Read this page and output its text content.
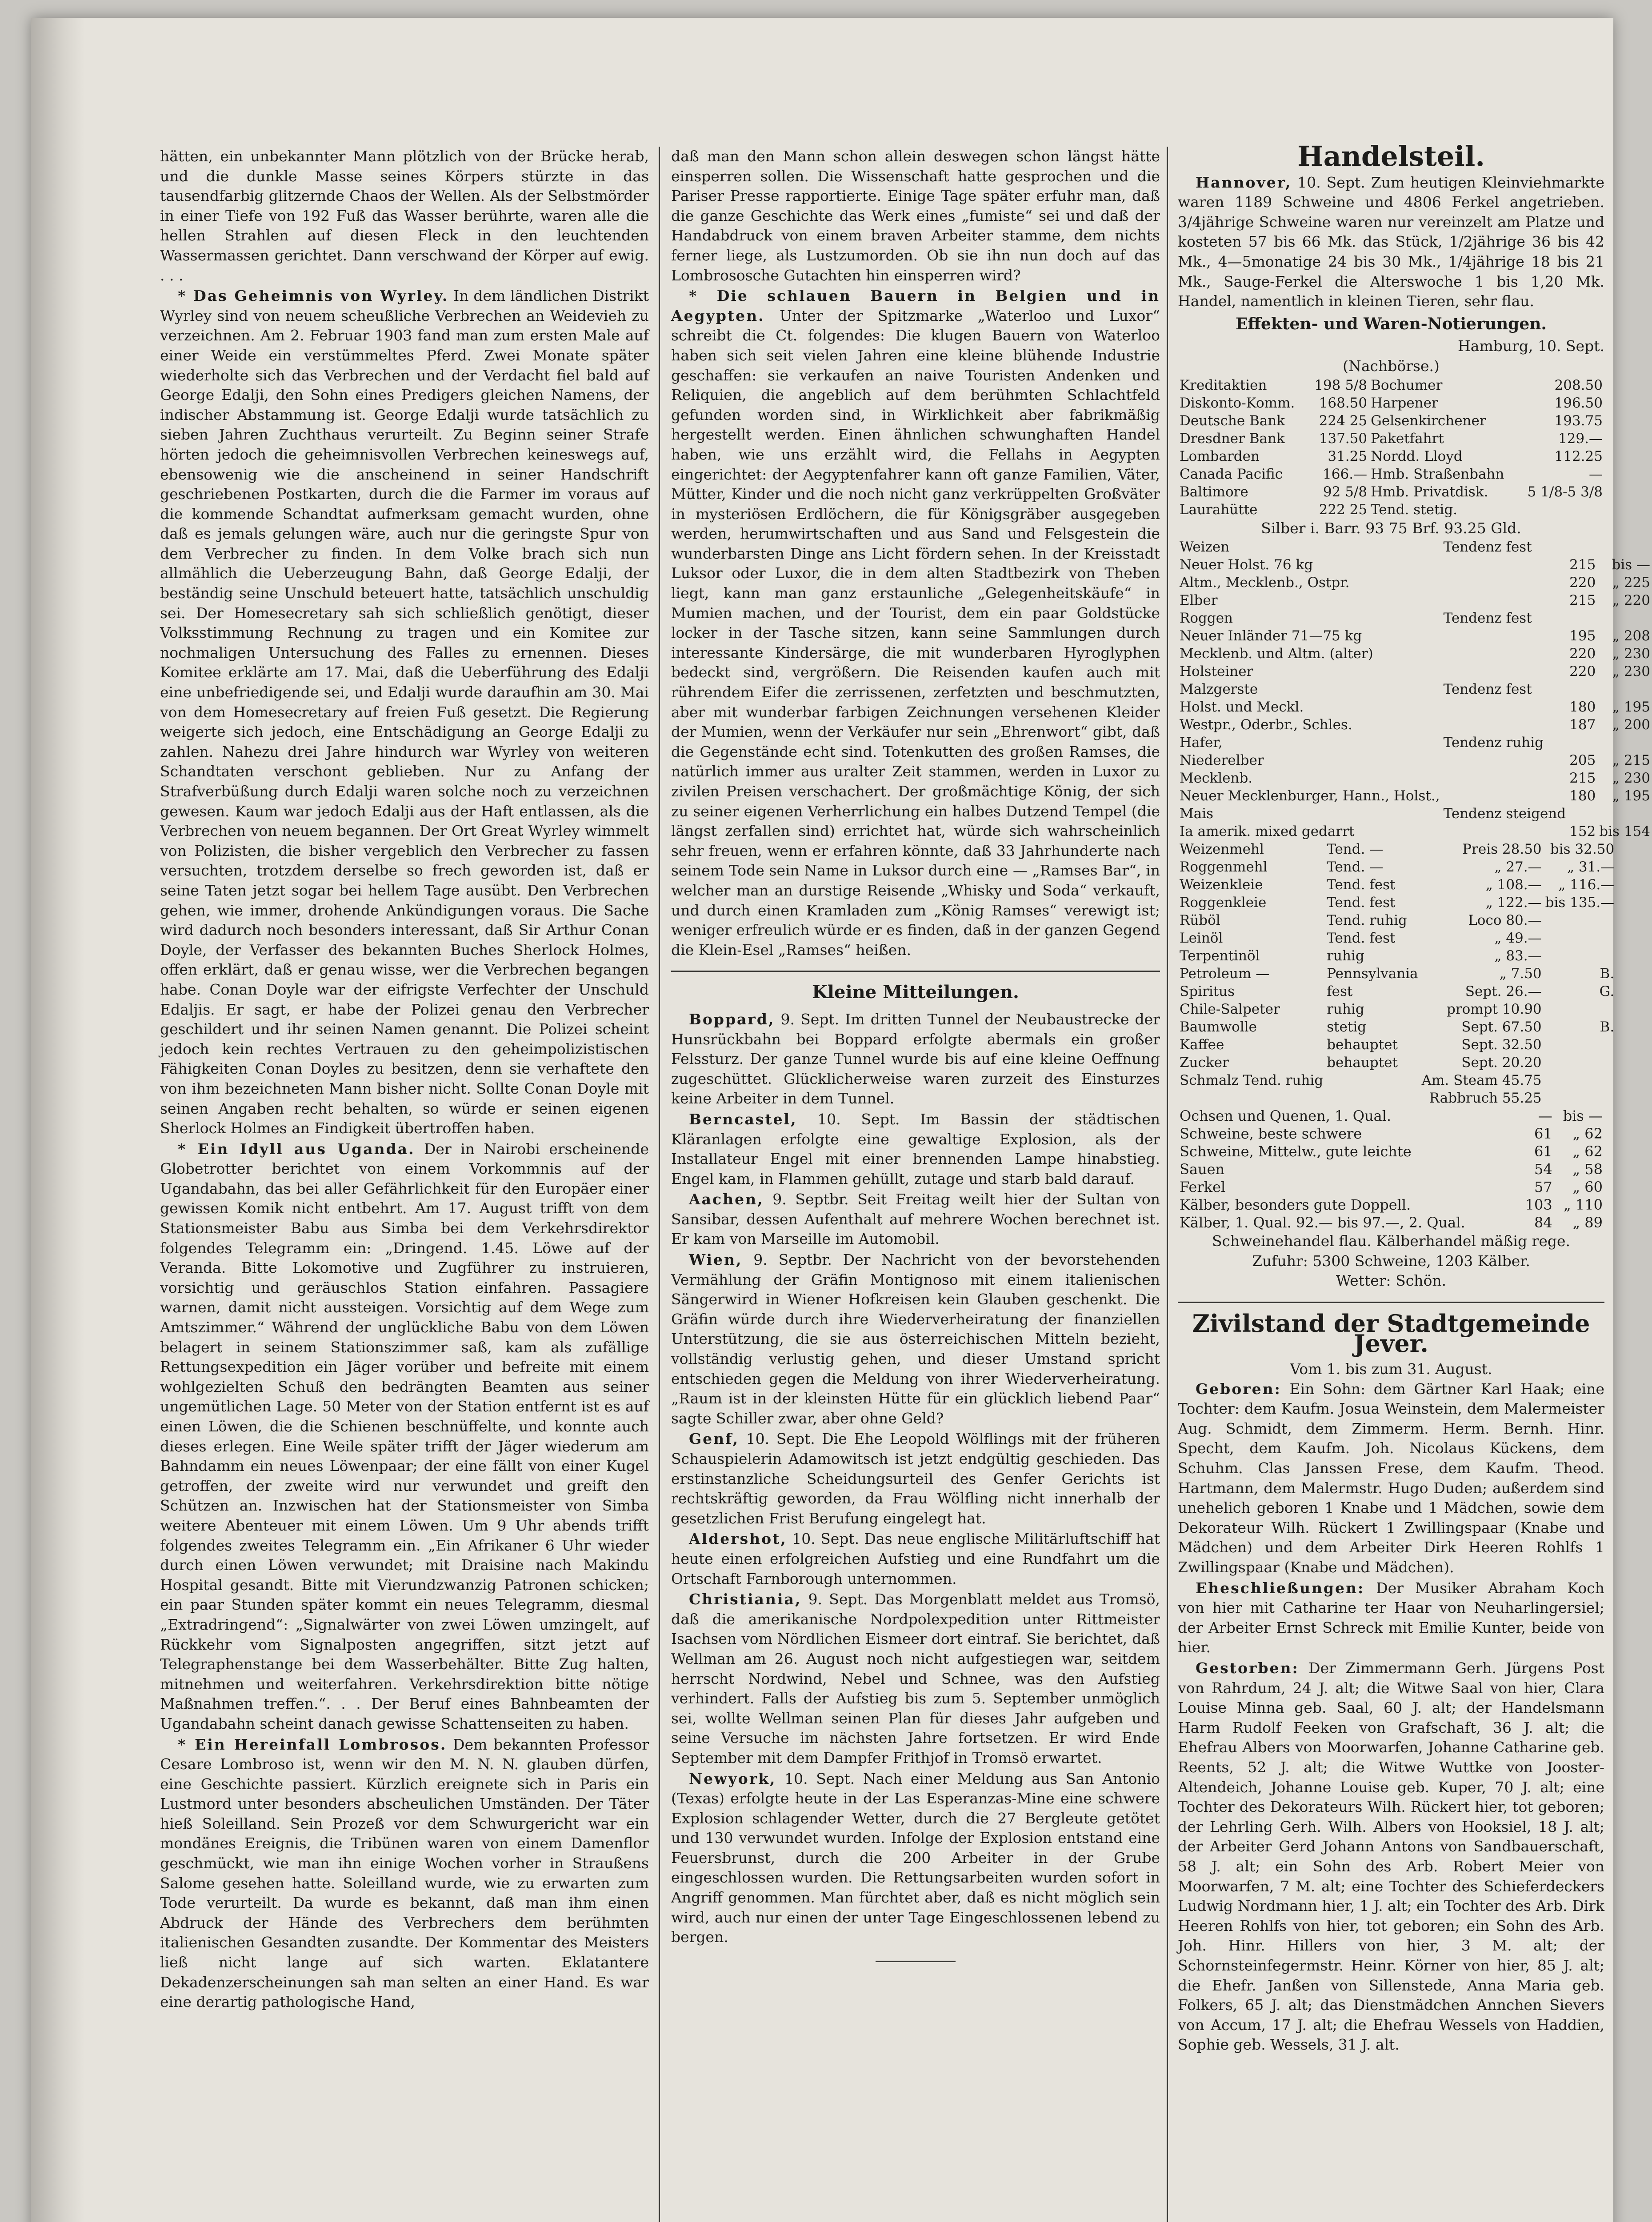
hätten, ein unbekannter Mann plötzlich von der Brücke herab, und die dunkle Masse seines Körpers stürzte in das tausendfarbig glitzernde Chaos der Wellen. Als der Selbstmörder in einer Tiefe von 192 Fuß das Wasser berührte, waren alle die hellen Strahlen auf diesen Fleck in den leuchtenden Wassermassen gerichtet. Dann verschwand der Körper auf ewig. . . .

* Das Geheimnis von Wyrley. In dem ländlichen Distrikt Wyrley sind von neuem scheußliche Verbrechen an Weidevieh zu verzeichnen. Am 2. Februar 1903 fand man zum ersten Male auf einer Weide ein verstümmeltes Pferd. Zwei Monate später wiederholte sich das Verbrechen und der Verdacht fiel bald auf George Edalji, den Sohn eines Predigers gleichen Namens, der indischer Abstammung ist. George Edalji wurde tatsächlich zu sieben Jahren Zuchthaus verurteilt. Zu Beginn seiner Strafe hörten jedoch die geheimnisvollen Verbrechen keineswegs auf, ebensowenig wie die anscheinend in seiner Handschrift geschriebenen Postkarten, durch die die Farmer im voraus auf die kommende Schandtat aufmerksam gemacht wurden, ohne daß es jemals gelungen wäre, auch nur die geringste Spur von dem Verbrecher zu finden. In dem Volke brach sich nun allmählich die Ueberzeugung Bahn, daß George Edalji, der beständig seine Unschuld beteuert hatte, tatsächlich unschuldig sei. Der Homesecretary sah sich schließlich genötigt, dieser Volksstimmung Rechnung zu tragen und ein Komitee zur nochmaligen Untersuchung des Falles zu ernennen. Dieses Komitee erklärte am 17. Mai, daß die Ueberführung des Edalji eine unbefriedigende sei, und Edalji wurde daraufhin am 30. Mai von dem Homesecretary auf freien Fuß gesetzt. Die Regierung weigerte sich jedoch, eine Entschädigung an George Edalji zu zahlen. Nahezu drei Jahre hindurch war Wyrley von weiteren Schandtaten verschont geblieben. Nur zu Anfang der Strafverbüßung durch Edalji waren solche noch zu verzeichnen gewesen. Kaum war jedoch Edalji aus der Haft entlassen, als die Verbrechen von neuem begannen. Der Ort Great Wyrley wimmelt von Polizisten, die bisher vergeblich den Verbrecher zu fassen versuchten, trotzdem derselbe so frech geworden ist, daß er seine Taten jetzt sogar bei hellem Tage ausübt. Den Verbrechen gehen, wie immer, drohende Ankündigungen voraus. Die Sache wird dadurch noch besonders interessant, daß Sir Arthur Conan Doyle, der Verfasser des bekannten Buches Sherlock Holmes, offen erklärt, daß er genau wisse, wer die Verbrechen begangen habe. Conan Doyle war der eifrigste Verfechter der Unschuld Edaljis. Er sagt, er habe der Polizei genau den Verbrecher geschildert und ihr seinen Namen genannt. Die Polizei scheint jedoch kein rechtes Vertrauen zu den geheimpolizistischen Fähigkeiten Conan Doyles zu besitzen, denn sie verhaftete den von ihm bezeichneten Mann bisher nicht. Sollte Conan Doyle mit seinen Angaben recht behalten, so würde er seinen eigenen Sherlock Holmes an Findigkeit übertroffen haben.

* Ein Idyll aus Uganda. Der in Nairobi erscheinende Globetrotter berichtet von einem Vorkommnis auf der Ugandabahn, das bei aller Gefährlichkeit für den Europäer einer gewissen Komik nicht entbehrt. Am 17. August trifft von dem Stationsmeister Babu aus Simba bei dem Verkehrsdirektor folgendes Telegramm ein: „Dringend. 1.45. Löwe auf der Veranda. Bitte Lokomotive und Zugführer zu instruieren, vorsichtig und geräuschlos Station einfahren. Passagiere warnen, damit nicht aussteigen. Vorsichtig auf dem Wege zum Amtszimmer.“ Während der unglückliche Babu von dem Löwen belagert in seinem Stationszimmer saß, kam als zufällige Rettungsexpedition ein Jäger vorüber und befreite mit einem wohlgezielten Schuß den bedrängten Beamten aus seiner ungemütlichen Lage. 50 Meter von der Station entfernt ist es auf einen Löwen, die die Schienen beschnüffelte, und konnte auch dieses erlegen. Eine Weile später trifft der Jäger wiederum am Bahndamm ein neues Löwenpaar; der eine fällt von einer Kugel getroffen, der zweite wird nur verwundet und greift den Schützen an. Inzwischen hat der Stationsmeister von Simba weitere Abenteuer mit einem Löwen. Um 9 Uhr abends trifft folgendes zweites Telegramm ein. „Ein Afrikaner 6 Uhr wieder durch einen Löwen verwundet; mit Draisine nach Makindu Hospital gesandt. Bitte mit Vierundzwanzig Patronen schicken; ein paar Stunden später kommt ein neues Telegramm, diesmal „Extradringend“: „Signalwärter von zwei Löwen umzingelt, auf Rückkehr vom Signalposten angegriffen, sitzt jetzt auf Telegraphenstange bei dem Wasserbehälter. Bitte Zug halten, mitnehmen und weiterfahren. Verkehrsdirektion bitte nötige Maßnahmen treffen.“. . . Der Beruf eines Bahnbeamten der Ugandabahn scheint danach gewisse Schattenseiten zu haben.

* Ein Hereinfall Lombrosos. Dem bekannten Professor Cesare Lombroso ist, wenn wir den M. N. N. glauben dürfen, eine Geschichte passiert. Kürzlich ereignete sich in Paris ein Lustmord unter besonders abscheulichen Umständen. Der Täter hieß Soleilland. Sein Prozeß vor dem Schwurgericht war ein mondänes Ereignis, die Tribünen waren von einem Damenflor geschmückt, wie man ihn einige Wochen vorher in Straußens Salome gesehen hatte. Soleilland wurde, wie zu erwarten zum Tode verurteilt. Da wurde es bekannt, daß man ihm einen Abdruck der Hände des Verbrechers dem berühmten italienischen Gesandten zusandte. Der Kommentar des Meisters ließ nicht lange auf sich warten. Eklatantere Dekadenzerscheinungen sah man selten an einer Hand. Es war eine derartig pathologische Hand,

daß man den Mann schon allein deswegen schon längst hätte einsperren sollen. Die Wissenschaft hatte gesprochen und die Pariser Presse rapportierte. Einige Tage später erfuhr man, daß die ganze Geschichte das Werk eines „fumiste“ sei und daß der Handabdruck von einem braven Arbeiter stamme, dem nichts ferner liege, als Lustzumorden. Ob sie ihn nun doch auf das Lombrososche Gutachten hin einsperren wird?

* Die schlauen Bauern in Belgien und in Aegypten. Unter der Spitzmarke „Waterloo und Luxor“ schreibt die Ct. folgendes: Die klugen Bauern von Waterloo haben sich seit vielen Jahren eine kleine blühende Industrie geschaffen: sie verkaufen an naive Touristen Andenken und Reliquien, die angeblich auf dem berühmten Schlachtfeld gefunden worden sind, in Wirklichkeit aber fabrikmäßig hergestellt werden. Einen ähnlichen schwunghaften Handel haben, wie uns erzählt wird, die Fellahs in Aegypten eingerichtet: der Aegyptenfahrer kann oft ganze Familien, Väter, Mütter, Kinder und die noch nicht ganz verkrüppelten Großväter in mysteriösen Erdlöchern, die für Königsgräber ausgegeben werden, herumwirtschaften und aus Sand und Felsgestein die wunderbarsten Dinge ans Licht fördern sehen. In der Kreisstadt Luksor oder Luxor, die in dem alten Stadtbezirk von Theben liegt, kann man ganz erstaunliche „Gelegenheitskäufe“ in Mumien machen, und der Tourist, dem ein paar Goldstücke locker in der Tasche sitzen, kann seine Sammlungen durch interessante Kindersärge, die mit wunderbaren Hyroglyphen bedeckt sind, vergrößern. Die Reisenden kaufen auch mit rührendem Eifer die zerrissenen, zerfetzten und beschmutzten, aber mit wunderbar farbigen Zeichnungen versehenen Kleider der Mumien, wenn der Verkäufer nur sein „Ehrenwort“ gibt, daß die Gegenstände echt sind. Totenkutten des großen Ramses, die natürlich immer aus uralter Zeit stammen, werden in Luxor zu zivilen Preisen verschachert. Der großmächtige König, der sich zu seiner eigenen Verherrlichung ein halbes Dutzend Tempel (die längst zerfallen sind) errichtet hat, würde sich wahrscheinlich sehr freuen, wenn er erfahren könnte, daß 33 Jahrhunderte nach seinem Tode sein Name in Luksor durch eine — „Ramses Bar“, in welcher man an durstige Reisende „Whisky und Soda“ verkauft, und durch einen Kramladen zum „König Ramses“ verewigt ist; weniger erfreulich würde er es finden, daß in der ganzen Gegend die Klein-Esel „Ramses“ heißen.

Kleine Mitteilungen.

Boppard, 9. Sept. Im dritten Tunnel der Neubaustrecke der Hunsrückbahn bei Boppard erfolgte abermals ein großer Felssturz. Der ganze Tunnel wurde bis auf eine kleine Oeffnung zugeschüttet. Glücklicherweise waren zurzeit des Einsturzes keine Arbeiter in dem Tunnel.

Berncastel, 10. Sept. Im Bassin der städtischen Kläranlagen erfolgte eine gewaltige Explosion, als der Installateur Engel mit einer brennenden Lampe hinabstieg. Engel kam, in Flammen gehüllt, zutage und starb bald darauf.

Aachen, 9. Septbr. Seit Freitag weilt hier der Sultan von Sansibar, dessen Aufenthalt auf mehrere Wochen berechnet ist. Er kam von Marseille im Automobil.

Wien, 9. Septbr. Der Nachricht von der bevorstehenden Vermählung der Gräfin Montignoso mit einem italienischen Sängerwird in Wiener Hofkreisen kein Glauben geschenkt. Die Gräfin würde durch ihre Wiederverheiratung der finanziellen Unterstützung, die sie aus österreichischen Mitteln bezieht, vollständig verlustig gehen, und dieser Umstand spricht entschieden gegen die Meldung von ihrer Wiederverheiratung. „Raum ist in der kleinsten Hütte für ein glücklich liebend Paar“ sagte Schiller zwar, aber ohne Geld?

Genf, 10. Sept. Die Ehe Leopold Wölflings mit der früheren Schauspielerin Adamowitsch ist jetzt endgültig geschieden. Das erstinstanzliche Scheidungsurteil des Genfer Gerichts ist rechtskräftig geworden, da Frau Wölfling nicht innerhalb der gesetzlichen Frist Berufung eingelegt hat.

Aldershot, 10. Sept. Das neue englische Militärluftschiff hat heute einen erfolgreichen Aufstieg und eine Rundfahrt um die Ortschaft Farnborough unternommen.

Christiania, 9. Sept. Das Morgenblatt meldet aus Tromsö, daß die amerikanische Nordpolexpedition unter Rittmeister Isachsen vom Nördlichen Eismeer dort eintraf. Sie berichtet, daß Wellman am 26. August noch nicht aufgestiegen war, seitdem herrscht Nordwind, Nebel und Schnee, was den Aufstieg verhindert. Falls der Aufstieg bis zum 5. September unmöglich sei, wollte Wellman seinen Plan für dieses Jahr aufgeben und seine Versuche im nächsten Jahre fortsetzen. Er wird Ende September mit dem Dampfer Frithjof in Tromsö erwartet.

Newyork, 10. Sept. Nach einer Meldung aus San Antonio (Texas) erfolgte heute in der Las Esperanzas-Mine eine schwere Explosion schlagender Wetter, durch die 27 Bergleute getötet und 130 verwundet wurden. Infolge der Explosion entstand eine Feuersbrunst, durch die 200 Arbeiter in der Grube eingeschlossen wurden. Die Rettungsarbeiten wurden sofort in Angriff genommen. Man fürchtet aber, daß es nicht möglich sein wird, auch nur einen der unter Tage Eingeschlossenen lebend zu bergen.

Handelsteil.

Hannover, 10. Sept. Zum heutigen Kleinviehmarkte waren 1189 Schweine und 4806 Ferkel angetrieben. 3/4jährige Schweine waren nur vereinzelt am Platze und kosteten 57 bis 66 Mk. das Stück, 1/2jährige 36 bis 42 Mk., 4—5monatige 24 bis 30 Mk., 1/4jährige 18 bis 21 Mk., Sauge-Ferkel die Alterswoche 1 bis 1,20 Mk. Handel, namentlich in kleinen Tieren, sehr flau.

Effekten- und Waren-Notierungen.
Hamburg, 10. Sept.
(Nachbörse.)
Kreditaktien	198 5/8	Bochumer	208.50
Diskonto-Komm.	168.50	Harpener	196.50
Deutsche Bank	224 25	Gelsenkirchener	193.75
Dresdner Bank	137.50	Paketfahrt	129.—
Lombarden	31.25	Nordd. Lloyd	112.25
Canada Pacific	166.—	Hmb. Straßenbahn	—
Baltimore	92 5/8	Hmb. Privatdisk.	5 1/8-5 3/8
Laurahütte	222 25	Tend. stetig.	
Silber i. Barr. 93 75 Brf. 93.25 Gld.
Weizen	Tendenz fest		
Neuer Holst. 76 kg		215	bis —
Altm., Mecklenb., Ostpr.		220	„ 225
Elber		215	„ 220
Roggen	Tendenz fest		
Neuer Inländer 71—75 kg		195	„ 208
Mecklenb. und Altm. (alter)		220	„ 230
Holsteiner		220	„ 230
Malzgerste	Tendenz fest		
Holst. und Meckl.		180	„ 195
Westpr., Oderbr., Schles.		187	„ 200
Hafer,	Tendenz ruhig		
Niederelber		205	„ 215
Mecklenb.		215	„ 230
Neuer Mecklenburger, Hann., Holst.,		180	„ 195
Mais	Tendenz steigend		
Ia amerik. mixed gedarrt		152	bis 154
Weizenmehl	Tend. —	Preis 28.50	bis 32.50
Roggenmehl	Tend. —	„ 27.—	„ 31.—
Weizenkleie	Tend. fest	„ 108.—	„ 116.—
Roggenkleie	Tend. fest	„ 122.—	bis 135.—
Rüböl	Tend. ruhig	Loco 80.—	
Leinöl	Tend. fest	„ 49.—	
Terpentinöl	ruhig	„ 83.—	
Petroleum —	Pennsylvania	„ 7.50	B.
Spiritus	fest	Sept. 26.—	G.
Chile-Salpeter	ruhig	prompt 10.90	
Baumwolle	stetig	Sept. 67.50	B.
Kaffee	behauptet	Sept. 32.50	
Zucker	behauptet	Sept. 20.20	
Schmalz Tend. ruhig		Am. Steam 45.75	
		Rabbruch 55.25	
Ochsen und Quenen, 1. Qual.		—	bis —
Schweine, beste schwere		61	„ 62
Schweine, Mittelw., gute leichte		61	„ 62
Sauen		54	„ 58
Ferkel		57	„ 60
Kälber, besonders gute Doppell.		103	„ 110
Kälber, 1. Qual. 92.— bis 97.—, 2. Qual.		84	„ 89
Schweinehandel flau. Kälberhandel mäßig rege.
Zufuhr: 5300 Schweine, 1203 Kälber.
Wetter: Schön.
Zivilstand der Stadtgemeinde Jever.
Vom 1. bis zum 31. August.

Geboren: Ein Sohn: dem Gärtner Karl Haak; eine Tochter: dem Kaufm. Josua Weinstein, dem Malermeister Aug. Schmidt, dem Zimmerm. Herm. Bernh. Hinr. Specht, dem Kaufm. Joh. Nicolaus Kückens, dem Schuhm. Clas Janssen Frese, dem Kaufm. Theod. Hartmann, dem Malermstr. Hugo Duden; außerdem sind unehelich geboren 1 Knabe und 1 Mädchen, sowie dem Dekorateur Wilh. Rückert 1 Zwillingspaar (Knabe und Mädchen) und dem Arbeiter Dirk Heeren Rohlfs 1 Zwillingspaar (Knabe und Mädchen).

Eheschließungen: Der Musiker Abraham Koch von hier mit Catharine ter Haar von Neuharlingersiel; der Arbeiter Ernst Schreck mit Emilie Kunter, beide von hier.

Gestorben: Der Zimmermann Gerh. Jürgens Post von Rahrdum, 24 J. alt; die Witwe Saal von hier, Clara Louise Minna geb. Saal, 60 J. alt; der Handelsmann Harm Rudolf Feeken von Grafschaft, 36 J. alt; die Ehefrau Albers von Moorwarfen, Johanne Catharine geb. Reents, 52 J. alt; die Witwe Wuttke von Jooster-Altendeich, Johanne Louise geb. Kuper, 70 J. alt; eine Tochter des Dekorateurs Wilh. Rückert hier, tot geboren; der Lehrling Gerh. Wilh. Albers von Hooksiel, 18 J. alt; der Arbeiter Gerd Johann Antons von Sandbauerschaft, 58 J. alt; ein Sohn des Arb. Robert Meier von Moorwarfen, 7 M. alt; eine Tochter des Schieferdeckers Ludwig Nordmann hier, 1 J. alt; ein Tochter des Arb. Dirk Heeren Rohlfs von hier, tot geboren; ein Sohn des Arb. Joh. Hinr. Hillers von hier, 3 M. alt; der Schornsteinfegermstr. Heinr. Körner von hier, 85 J. alt; die Ehefr. Janßen von Sillenstede, Anna Maria geb. Folkers, 65 J. alt; das Dienstmädchen Annchen Sievers von Accum, 17 J. alt; die Ehefrau Wessels von Haddien, Sophie geb. Wessels, 31 J. alt.
